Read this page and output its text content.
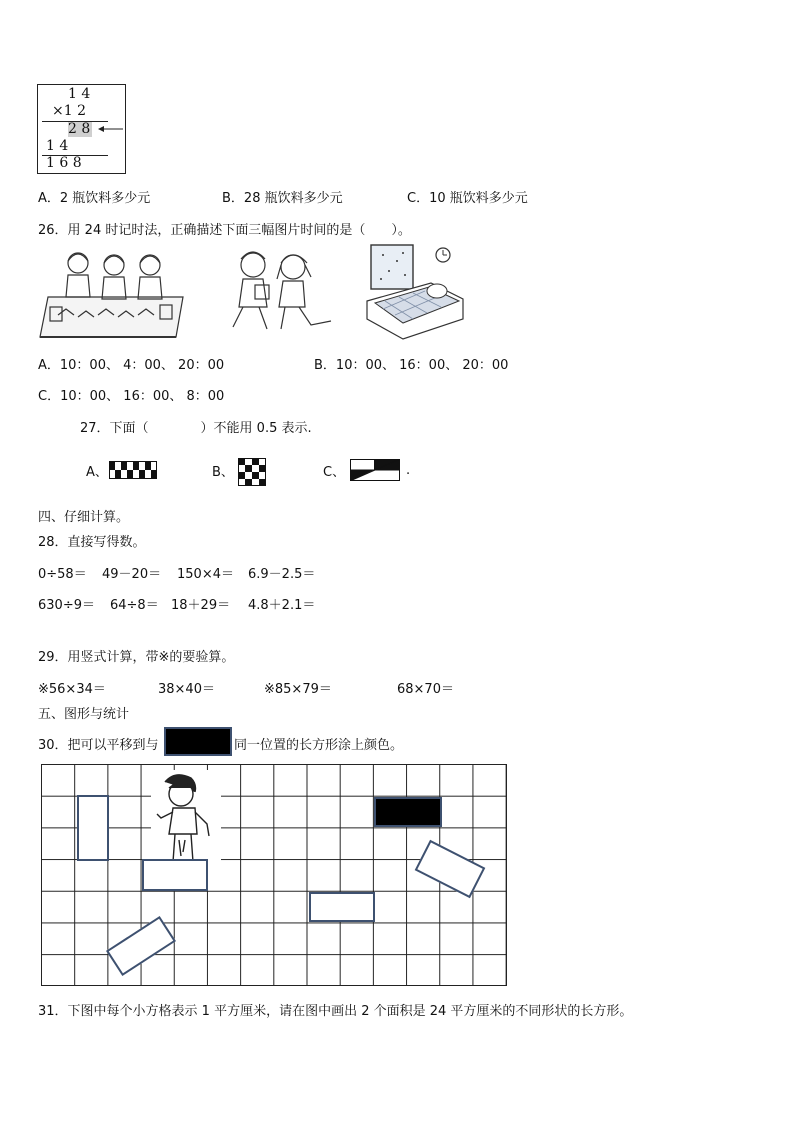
1 4
×1 2
2 8
1 4
1 6 8
A．2 瓶饮料多少元	B．28 瓶饮料多少元	C．10 瓶饮料多少元
26．用 24 时记时法，正确描述下面三幅图片时间的是（　　）。
A．10：00、 4：00、 20：00	B．10：00、 16：00、 20：00
C．10：00、 16：00、 8：00
27．下面（　　　　）不能用 0.5 表示.
A、	B、	C、	.
四、仔细计算。
28．直接写得数。
0÷58＝ 49－20＝ 150×4＝ 6.9－2.5＝
630÷9＝ 64÷8＝ 18＋29＝ 4.8＋2.1＝
29．用竖式计算，带※的要验算。
※56×34＝	38×40＝	※85×79＝	68×70＝
五、图形与统计
30．把可以平移到与	同一位置的长方形涂上颜色。
31．下图中每个小方格表示 1 平方厘米，请在图中画出 2 个面积是 24 平方厘米的不同形状的长方形。
